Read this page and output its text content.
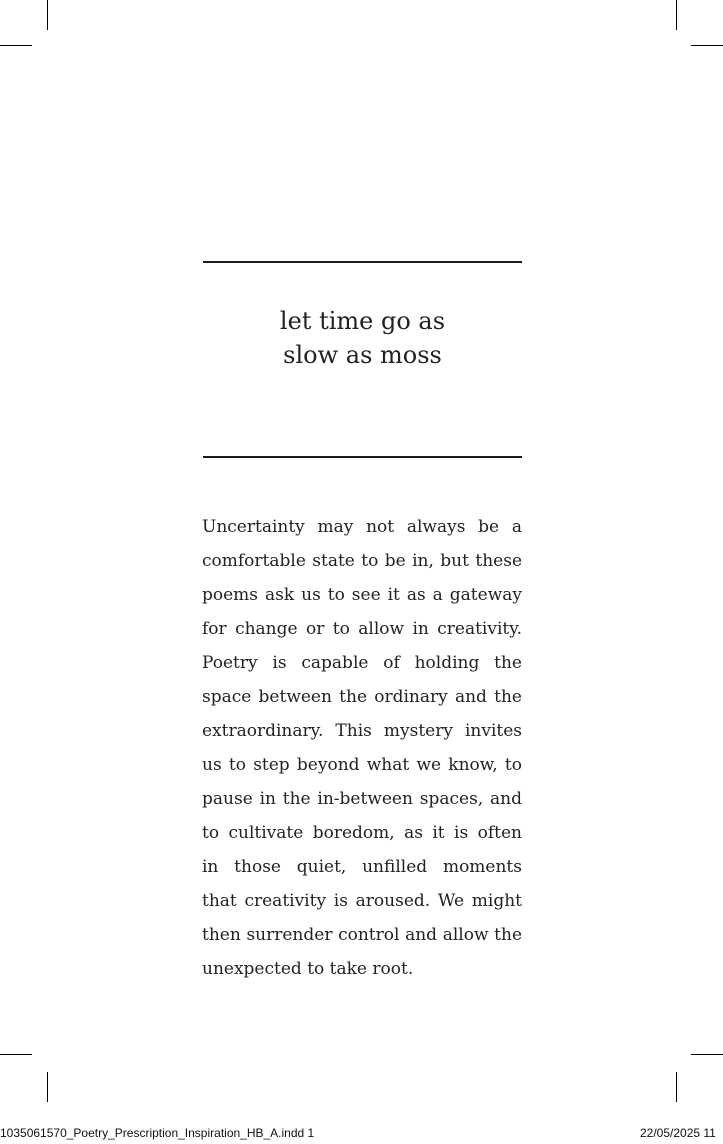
let time go as
slow as moss
Uncertainty may not always be a
comfortable state to be in, but these
poems ask us to see it as a gateway
for change or to allow in creativity.
Poetry is capable of holding the
space between the ordinary and the
extraordinary. This mystery invites
us to step beyond what we know, to
pause in the in-between spaces, and
to cultivate boredom, as it is often
in those quiet, unfilled moments
that creativity is aroused. We might
then surrender control and allow the
unexpected to take root.
1035061570_Poetry_Prescription_Inspiration_HB_A.indd 1	22/05/2025 11
